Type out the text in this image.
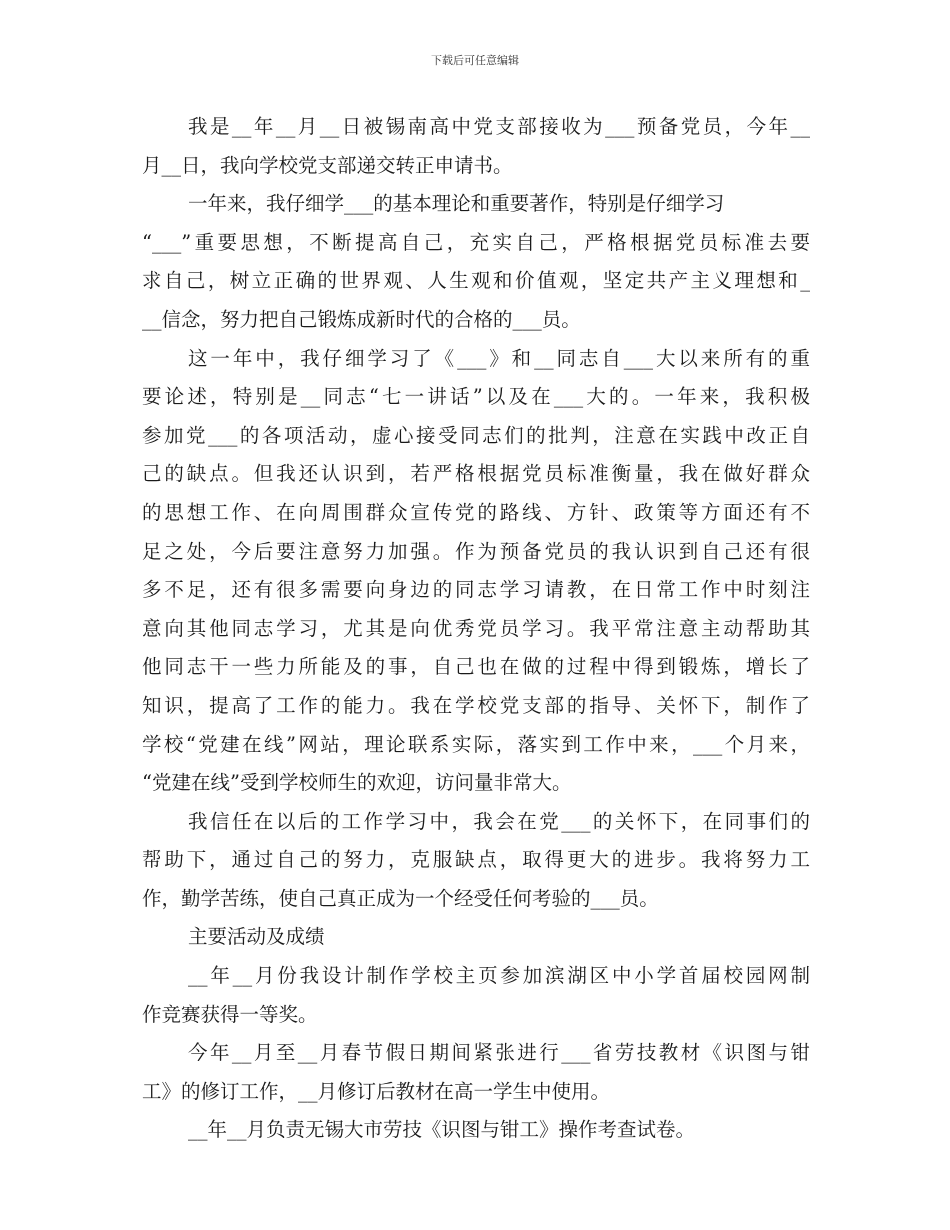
下载后可任意编辑
我是__年__月__日被锡南高中党支部接收为___预备党员，今年__
月__日，我向学校党支部递交转正申请书。
一年来，我仔细学___的基本理论和重要著作，特别是仔细学习
“___”重要思想，不断提高自己，充实自己，严格根据党员标准去要
求自己，树立正确的世界观、人生观和价值观，坚定共产主义理想和_
__信念，努力把自己锻炼成新时代的合格的___员。
这一年中，我仔细学习了《___》和__同志自___大以来所有的重
要论述，特别是__同志“七一讲话”以及在___大的。一年来，我积极
参加党___的各项活动，虚心接受同志们的批判，注意在实践中改正自
己的缺点。但我还认识到，若严格根据党员标准衡量，我在做好群众
的思想工作、在向周围群众宣传党的路线、方针、政策等方面还有不
足之处，今后要注意努力加强。作为预备党员的我认识到自己还有很
多不足，还有很多需要向身边的同志学习请教，在日常工作中时刻注
意向其他同志学习，尤其是向优秀党员学习。我平常注意主动帮助其
他同志干一些力所能及的事，自己也在做的过程中得到锻炼，增长了
知识，提高了工作的能力。我在学校党支部的指导、关怀下，制作了
学校“党建在线”网站，理论联系实际，落实到工作中来，___个月来，
“党建在线”受到学校师生的欢迎，访问量非常大。
我信任在以后的工作学习中，我会在党___的关怀下，在同事们的
帮助下，通过自己的努力，克服缺点，取得更大的进步。我将努力工
作，勤学苦练，使自己真正成为一个经受任何考验的___员。
主要活动及成绩
__年__月份我设计制作学校主页参加滨湖区中小学首届校园网制
作竞赛获得一等奖。
今年__月至__月春节假日期间紧张进行___省劳技教材《识图与钳
工》的修订工作，__月修订后教材在高一学生中使用。
__年__月负责无锡大市劳技《识图与钳工》操作考查试卷。
